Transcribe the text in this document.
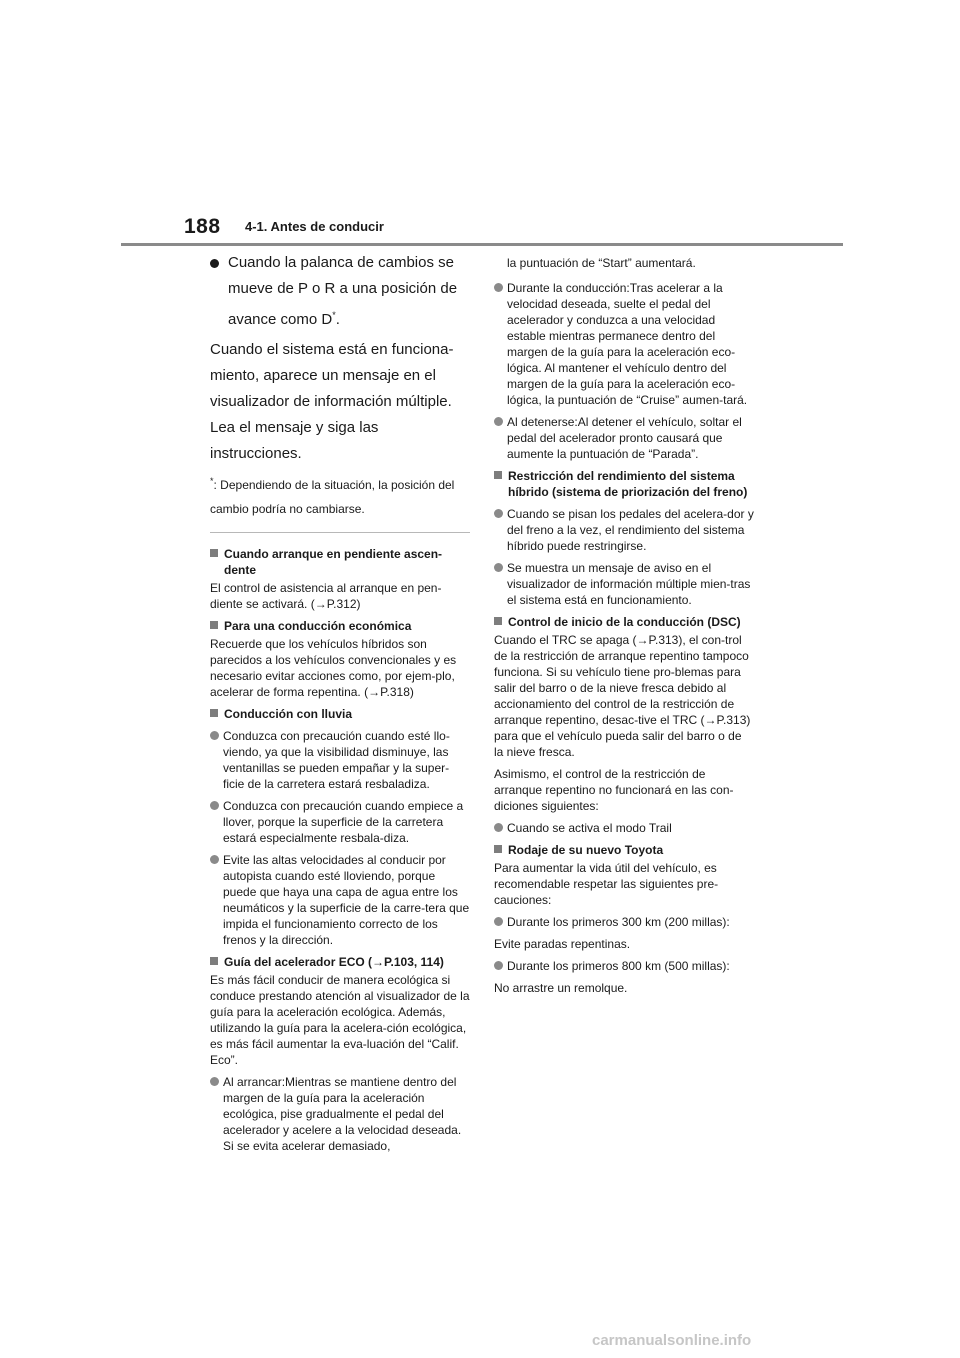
188 4-1. Antes de conducir

Cuando la palanca de cambios se mueve de P o R a una posición de avance como D*.

Cuando el sistema está en funciona-miento, aparece un mensaje en el visualizador de información múltiple. Lea el mensaje y siga las instrucciones.

*: Dependiendo de la situación, la posición del cambio podría no cambiarse.

Cuando arranque en pendiente ascen-dente

El control de asistencia al arranque en pen-diente se activará. (→P.312)

Para una conducción económica

Recuerde que los vehículos híbridos son parecidos a los vehículos convencionales y es necesario evitar acciones como, por ejem-plo, acelerar de forma repentina. (→P.318)

Conducción con lluvia

Conduzca con precaución cuando esté llo-viendo, ya que la visibilidad disminuye, las ventanillas se pueden empañar y la super-ficie de la carretera estará resbaladiza.

Conduzca con precaución cuando empiece a llover, porque la superficie de la carretera estará especialmente resbala-diza.

Evite las altas velocidades al conducir por autopista cuando esté lloviendo, porque puede que haya una capa de agua entre los neumáticos y la superficie de la carre-tera que impida el funcionamiento correcto de los frenos y la dirección.

Guía del acelerador ECO (→P.103, 114)

Es más fácil conducir de manera ecológica si conduce prestando atención al visualizador de la guía para la aceleración ecológica. Además, utilizando la guía para la acelera-ción ecológica, es más fácil aumentar la eva-luación del “Calif. Eco”.

Al arrancar:Mientras se mantiene dentro del margen de la guía para la aceleración ecológica, pise gradualmente el pedal del acelerador y acelere a la velocidad deseada. Si se evita acelerar demasiado,

la puntuación de “Start” aumentará.

Durante la conducción:Tras acelerar a la velocidad deseada, suelte el pedal del acelerador y conduzca a una velocidad estable mientras permanece dentro del margen de la guía para la aceleración eco-lógica. Al mantener el vehículo dentro del margen de la guía para la aceleración eco-lógica, la puntuación de “Cruise” aumen-tará.

Al detenerse:Al detener el vehículo, soltar el pedal del acelerador pronto causará que aumente la puntuación de “Parada”.

Restricción del rendimiento del sistema híbrido (sistema de priorización del freno)

Cuando se pisan los pedales del acelera-dor y del freno a la vez, el rendimiento del sistema híbrido puede restringirse.

Se muestra un mensaje de aviso en el visualizador de información múltiple mien-tras el sistema está en funcionamiento.

Control de inicio de la conducción (DSC)

Cuando el TRC se apaga (→P.313), el con-trol de la restricción de arranque repentino tampoco funciona. Si su vehículo tiene pro-blemas para salir del barro o de la nieve fresca debido al accionamiento del control de la restricción de arranque repentino, desac-tive el TRC (→P.313) para que el vehículo pueda salir del barro o de la nieve fresca.

Asimismo, el control de la restricción de arranque repentino no funcionará en las con-diciones siguientes:

Cuando se activa el modo Trail

Rodaje de su nuevo Toyota

Para aumentar la vida útil del vehículo, es recomendable respetar las siguientes pre-cauciones:

Durante los primeros 300 km (200 millas):

Evite paradas repentinas.

Durante los primeros 800 km (500 millas):

No arrastre un remolque.

carmanualsonline.info
